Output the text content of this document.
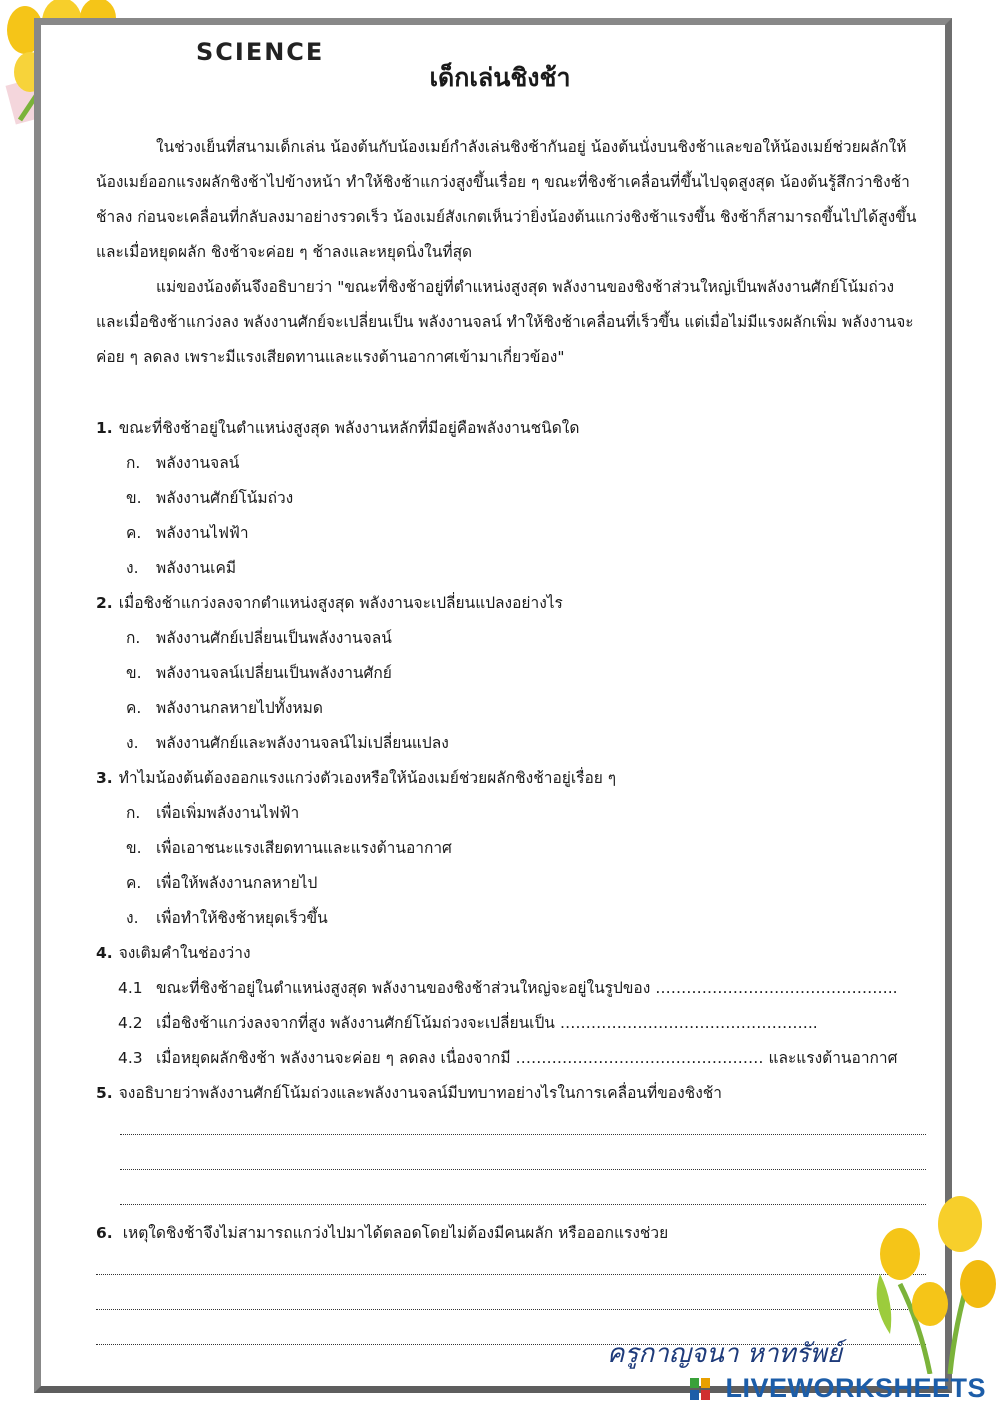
SCIENCE
เด็กเล่นชิงช้า

ในช่วงเย็นที่สนามเด็กเล่น น้องต้นกับน้องเมย์กำลังเล่นชิงช้ากันอยู่ น้องต้นนั่งบนชิงช้าและขอให้น้องเมย์ช่วยผลักให้ น้องเมย์ออกแรงผลักชิงช้าไปข้างหน้า ทำให้ชิงช้าแกว่งสูงขึ้นเรื่อย ๆ ขณะที่ชิงช้าเคลื่อนที่ขึ้นไปจุดสูงสุด น้องต้นรู้สึกว่าชิงช้า ช้าลง ก่อนจะเคลื่อนที่กลับลงมาอย่างรวดเร็ว น้องเมย์สังเกตเห็นว่ายิ่งน้องต้นแกว่งชิงช้าแรงขึ้น ชิงช้าก็สามารถขึ้นไปได้สูงขึ้น และเมื่อหยุดผลัก ชิงช้าจะค่อย ๆ ช้าลงและหยุดนิ่งในที่สุด

แม่ของน้องต้นจึงอธิบายว่า "ขณะที่ชิงช้าอยู่ที่ตำแหน่งสูงสุด พลังงานของชิงช้าส่วนใหญ่เป็นพลังงานศักย์โน้มถ่วง และเมื่อชิงช้าแกว่งลง พลังงานศักย์จะเปลี่ยนเป็น พลังงานจลน์ ทำให้ชิงช้าเคลื่อนที่เร็วขึ้น แต่เมื่อไม่มีแรงผลักเพิ่ม พลังงานจะ ค่อย ๆ ลดลง เพราะมีแรงเสียดทานและแรงต้านอากาศเข้ามาเกี่ยวข้อง"

1. ขณะที่ชิงช้าอยู่ในตำแหน่งสูงสุด พลังงานหลักที่มีอยู่คือพลังงานชนิดใด

ก. พลังงานจลน์

ข. พลังงานศักย์โน้มถ่วง

ค. พลังงานไฟฟ้า

ง. พลังงานเคมี

2. เมื่อชิงช้าแกว่งลงจากตำแหน่งสูงสุด พลังงานจะเปลี่ยนแปลงอย่างไร

ก. พลังงานศักย์เปลี่ยนเป็นพลังงานจลน์

ข. พลังงานจลน์เปลี่ยนเป็นพลังงานศักย์

ค. พลังงานกลหายไปทั้งหมด

ง. พลังงานศักย์และพลังงานจลน์ไม่เปลี่ยนแปลง

3. ทำไมน้องต้นต้องออกแรงแกว่งตัวเองหรือให้น้องเมย์ช่วยผลักชิงช้าอยู่เรื่อย ๆ

ก. เพื่อเพิ่มพลังงานไฟฟ้า

ข. เพื่อเอาชนะแรงเสียดทานและแรงต้านอากาศ

ค. เพื่อให้พลังงานกลหายไป

ง. เพื่อทำให้ชิงช้าหยุดเร็วขึ้น

4. จงเติมคำในช่องว่าง

4.1 ขณะที่ชิงช้าอยู่ในตำแหน่งสูงสุด พลังงานของชิงช้าส่วนใหญ่จะอยู่ในรูปของ ………………………………………..

4.2 เมื่อชิงช้าแกว่งลงจากที่สูง พลังงานศักย์โน้มถ่วงจะเปลี่ยนเป็น …………………………………………..

4.3 เมื่อหยุดผลักชิงช้า พลังงานจะค่อย ๆ ลดลง เนื่องจากมี ………………………………………… และแรงต้านอากาศ

5. จงอธิบายว่าพลังงานศักย์โน้มถ่วงและพลังงานจลน์มีบทบาทอย่างไรในการเคลื่อนที่ของชิงช้า

6. เหตุใดชิงช้าจึงไม่สามารถแกว่งไปมาได้ตลอดโดยไม่ต้องมีคนผลัก หรือออกแรงช่วย

ครูกาญจนา หาทรัพย์
LIVEWORKSHEETS
